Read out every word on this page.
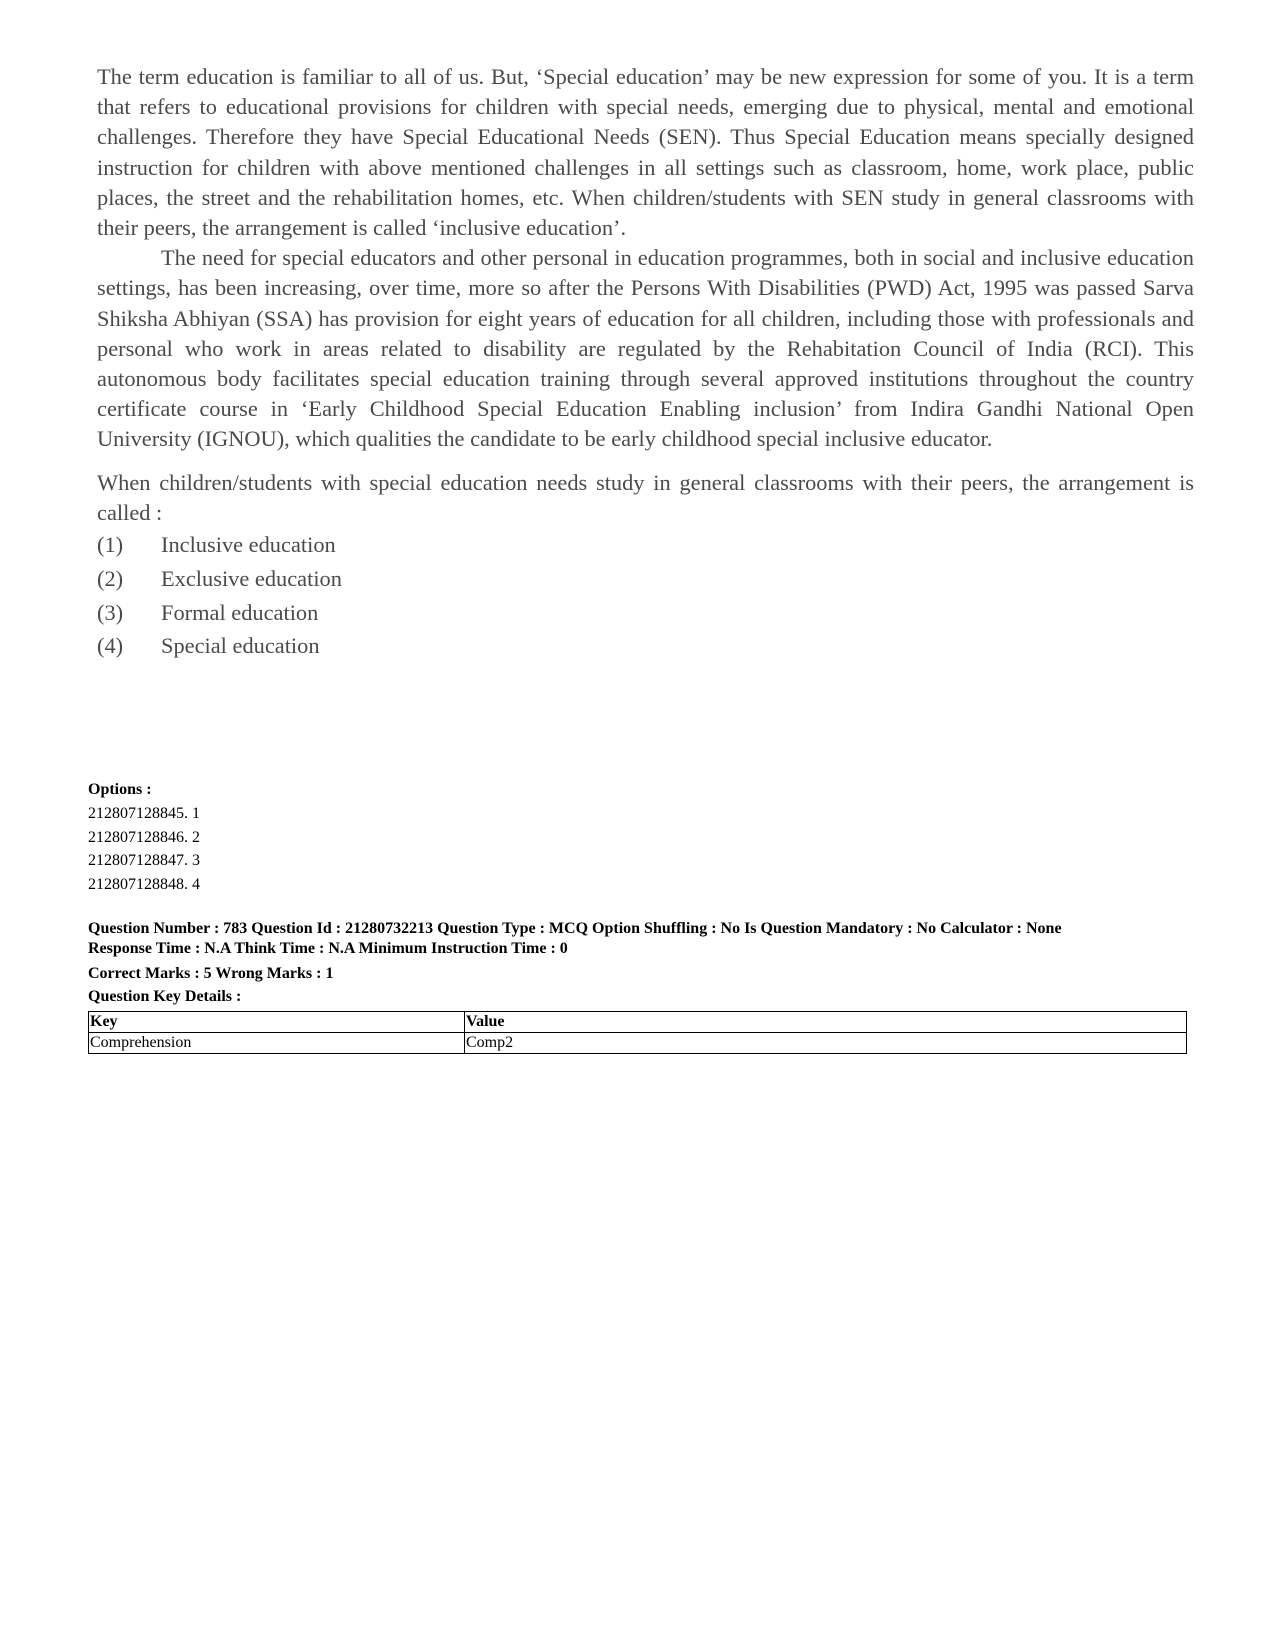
The term education is familiar to all of us. But, ‘Special education’ may be new expression for some of you. It is a term that refers to educational provisions for children with special needs, emerging due to physical, mental and emotional challenges. Therefore they have Special Educational Needs (SEN). Thus Special Education means specially designed instruction for children with above mentioned challenges in all settings such as classroom, home, work place, public places, the street and the rehabilitation homes, etc. When children/students with SEN study in general classrooms with their peers, the arrangement is called ‘inclusive education’.

The need for special educators and other personal in education programmes, both in social and inclusive education settings, has been increasing, over time, more so after the Persons With Disabilities (PWD) Act, 1995 was passed Sarva Shiksha Abhiyan (SSA) has provision for eight years of education for all children, including those with professionals and personal who work in areas related to disability are regulated by the Rehabitation Council of India (RCI). This autonomous body facilitates special education training through several approved institutions throughout the country certificate course in ‘Early Childhood Special Education Enabling inclusion’ from Indira Gandhi National Open University (IGNOU), which qualities the candidate to be early childhood special inclusive educator.

When children/students with special education needs study in general classrooms with their peers, the arrangement is called :

(1)	Inclusive education
(2)	Exclusive education
(3)	Formal education
(4)	Special education
Options :
212807128845. 1
212807128846. 2
212807128847. 3
212807128848. 4
Question Number : 783 Question Id : 21280732213 Question Type : MCQ Option Shuffling : No Is Question Mandatory : No Calculator : None
Response Time : N.A Think Time : N.A Minimum Instruction Time : 0
Correct Marks : 5 Wrong Marks : 1
Question Key Details :
Key	Value
Comprehension	Comp2
